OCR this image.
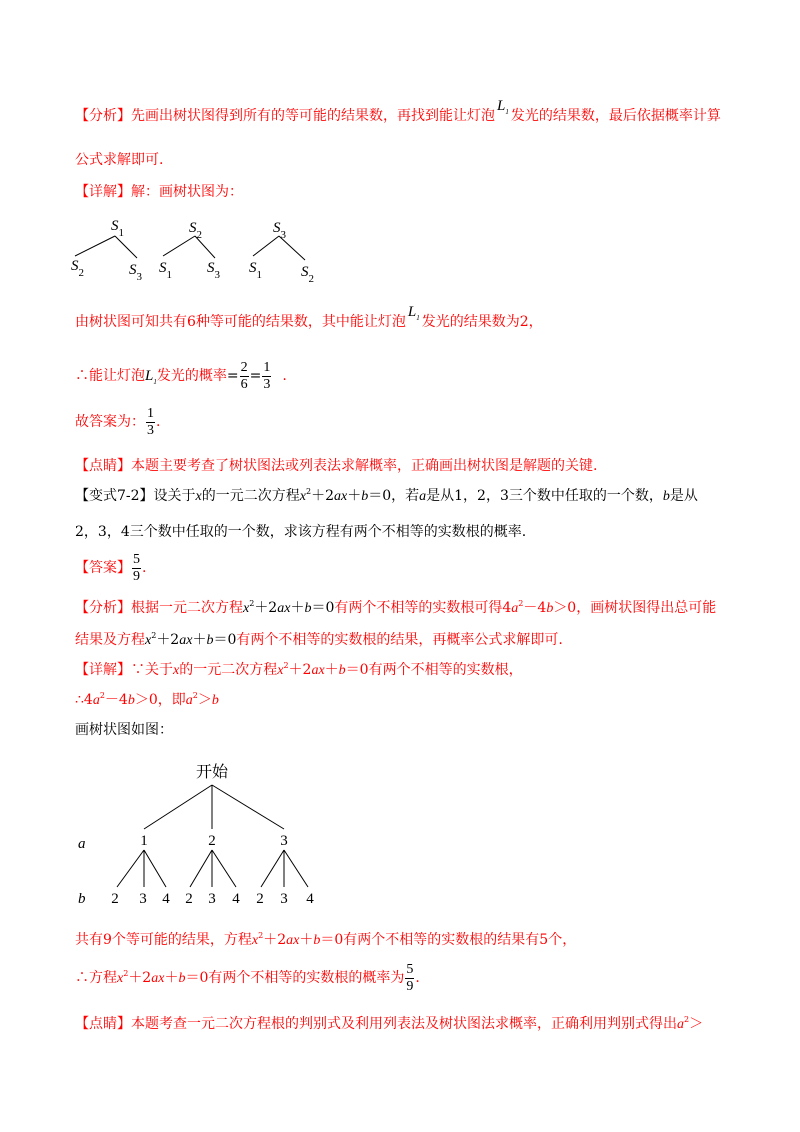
【分析】先画出树状图得到所有的等可能的结果数，再找到能让灯泡$L_1$ 发光的结果数，最后依据概率计算
公式求解即可.
【详解】解：画树状图为：
$S_1$
$S_2$	$S_3$
$S_2$
$S_1$ $S_3$
$S_3$
$S_1$	$S_2$
由树状图可知共有6种等可能的结果数，其中能让灯泡$L_1$ 发光的结果数为2，
∴能让灯泡$L_1$发光的概率= $\frac{2}{6} = \frac{1}{3}$ .
故答案为： $\frac{1}{3}$ .
【点睛】本题主要考查了树状图法或列表法求解概率，正确画出树状图是解题的关键.
【变式7-2】设关于x的一元二次方程$x^2+2ax+b=0$，若a是从1，2，3三个数中任取的一个数，b是从
2，3，4三个数中任取的一个数，求该方程有两个不相等的实数根的概率.
【答案】 $\frac{5}{9}$ .
【分析】根据一元二次方程$x^2+2ax+b=0$有两个不相等的实数根可得$4a^2-4b>0$，画树状图得出总可能
结果及方程$x^2+2ax+b=0$有两个不相等的实数根的结果，再概率公式求解即可.
【详解】∵关于x的一元二次方程$x^2+2ax+b=0$有两个不相等的实数根，
$\therefore 4a^2-4b>0$，即$a^2>b$
画树状图如图：
开始
a
b
1
2 3 4
2
2 3 4
3
2 3 4
共有9个等可能的结果，方程$x^2+2ax+b=0$有两个不相等的实数根的结果有5个，
∴方程$x^2+2ax+b=0$有两个不相等的实数根的概率为 $\frac{5}{9}$ .
【点睛】本题考查一元二次方程根的判别式及利用列表法及树状图法求概率，正确利用判别式得出$a^2>$
